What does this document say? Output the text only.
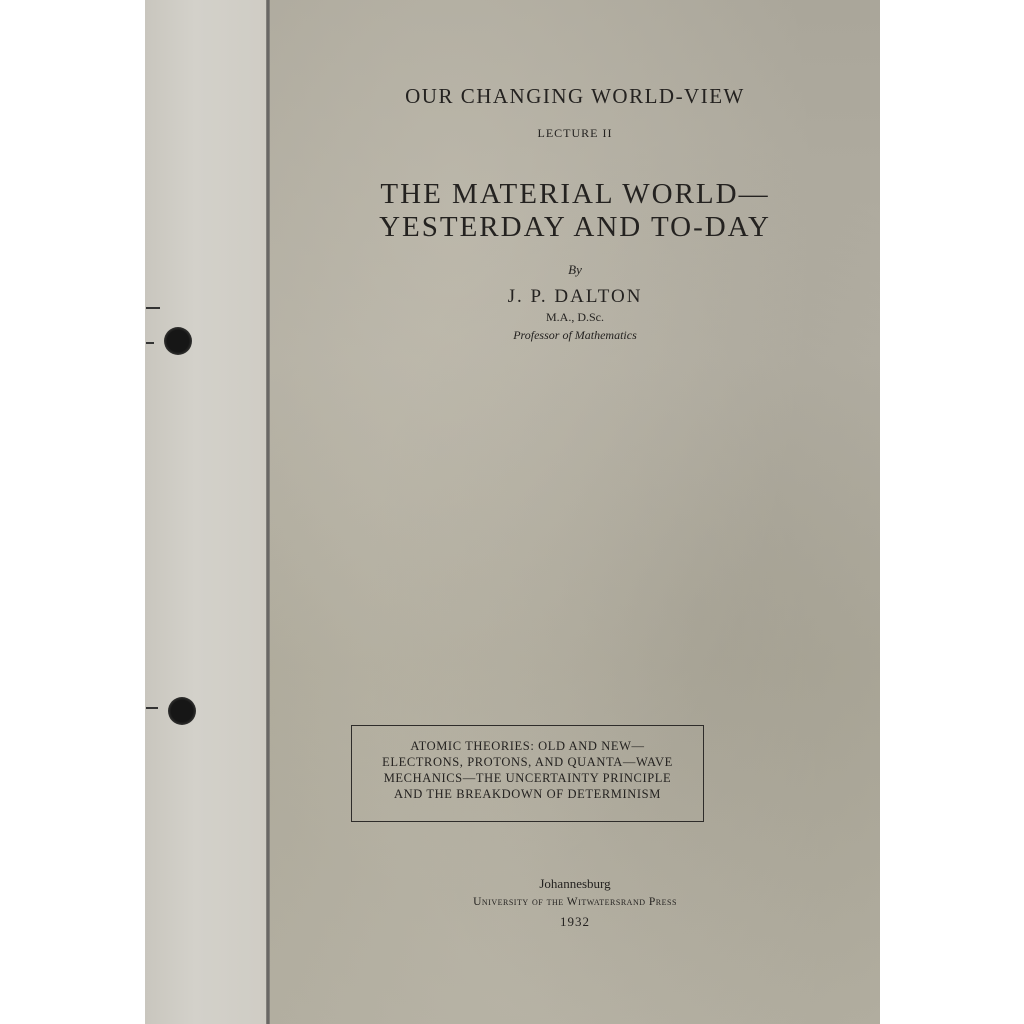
OUR CHANGING WORLD-VIEW
LECTURE II
THE MATERIAL WORLD—
YESTERDAY AND TO-DAY
By
J. P. DALTON
M.A., D.Sc.
Professor of Mathematics
ATOMIC THEORIES: OLD AND NEW—
ELECTRONS, PROTONS, AND QUANTA—WAVE
MECHANICS—THE UNCERTAINTY PRINCIPLE
AND THE BREAKDOWN OF DETERMINISM
Johannesburg
University of the Witwatersrand Press
1932
